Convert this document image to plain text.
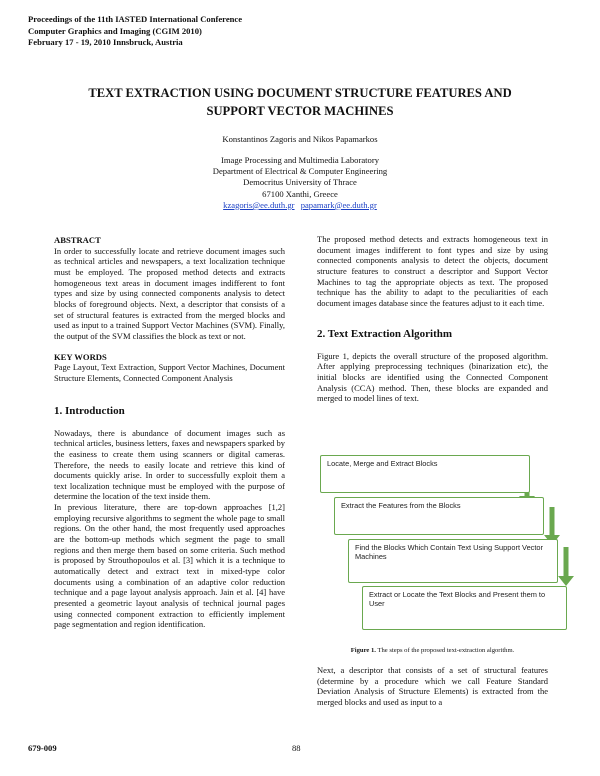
Proceedings of the 11th IASTED International Conference
Computer Graphics and Imaging (CGIM 2010)
February 17 - 19, 2010 Innsbruck, Austria
TEXT EXTRACTION USING DOCUMENT STRUCTURE FEATURES AND
SUPPORT VECTOR MACHINES
Konstantinos Zagoris and Nikos Papamarkos
Image Processing and Multimedia Laboratory
Department of Electrical & Computer Engineering
Democritus University of Thrace
67100 Xanthi, Greece
kzagoris@ee.duth.gr papamark@ee.duth.gr
ABSTRACT

In order to successfully locate and retrieve document images such as technical articles and newspapers, a text localization technique must be employed. The proposed method detects and extracts homogeneous text areas in document images indifferent to font types and size by using connected components analysis to detect blocks of foreground objects. Next, a descriptor that consists of a set of structural features is extracted from the merged blocks and used as input to a trained Support Vector Machines (SVM). Finally, the output of the SVM classifies the block as text or not.

KEY WORDS

Page Layout, Text Extraction, Support Vector Machines, Document Structure Elements, Connected Component Analysis

1. Introduction

Nowadays, there is abundance of document images such as technical articles, business letters, faxes and newspapers sparked by the easiness to create them using scanners or digital cameras. Therefore, the needs to easily locate and retrieve this kind of documents quickly arise. In order to successfully exploit them a text localization technique must be employed with the purpose of determine the location of the text inside them.

In previous literature, there are top-down approaches [1,2] employing recursive algorithms to segment the whole page to small regions. On the other hand, the most frequently used approaches are the bottom-up methods which segment the page to small regions and then merge them based on some criteria. Such method is proposed by Strouthopoulos et al. [3] which it is a technique to automatically detect and extract text in mixed-type color documents using a combination of an adaptive color reduction technique and a page layout analysis approach. Jain et al. [4] have presented a geometric layout analysis of technical journal pages using connected component extraction to efficiently implement page segmentation and region identification.

The proposed method detects and extracts homogeneous text in document images indifferent to font types and size by using connected components analysis to detect the objects, document structure features to construct a descriptor and Support Vector Machines to tag the appropriate objects as text. The proposed technique has the ability to adapt to the peculiarities of each document images database since the features adjust to it each time.

2. Text Extraction Algorithm

Figure 1, depicts the overall structure of the proposed algorithm. After applying preprocessing techniques (binarization etc), the initial blocks are identified using the Connected Component Analysis (CCA) method. Then, these blocks are expanded and merged to model lines of text.

Locate, Merge and Extract Blocks
Extract the Features from the Blocks
Find the Blocks Which Contain Text Using Support Vector Machines
Extract or Locate the Text Blocks and Present them to User
Figure 1. The steps of the proposed text-extraction algorithm.

Next, a descriptor that consists of a set of structural features (determine by a procedure which we call Feature Standard Deviation Analysis of Structure Elements) is extracted from the merged blocks and used as input to a

679-009	88
